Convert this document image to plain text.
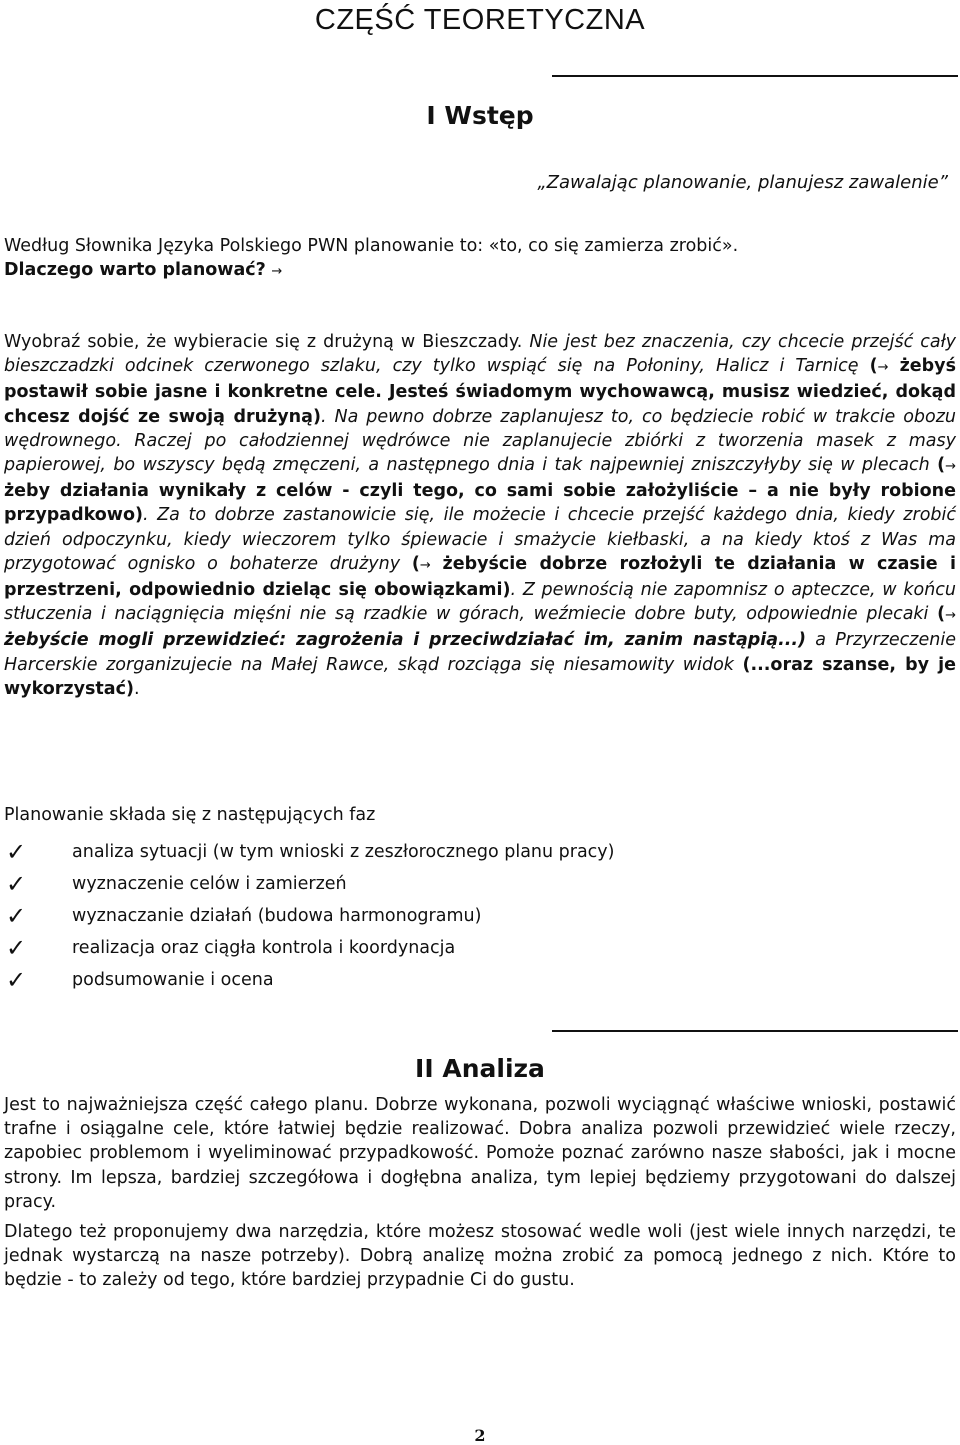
CZĘŚĆ TEORETYCZNA
I Wstęp
„Zawalając planowanie, planujesz zawalenie”

Według Słownika Języka Polskiego PWN planowanie to: «to, co się zamierza zrobić».

Dlaczego warto planować? →

Wyobraź sobie, że wybieracie się z drużyną w Bieszczady. Nie jest bez znaczenia, czy chcecie przejść cały bieszczadzki odcinek czerwonego szlaku, czy tylko wspiąć się na Połoniny, Halicz i Tarnicę (→ żebyś postawił sobie jasne i konkretne cele. Jesteś świadomym wychowawcą, musisz wiedzieć, dokąd chcesz dojść ze swoją drużyną). Na pewno dobrze zaplanujesz to, co będziecie robić w trakcie obozu wędrownego. Raczej po całodziennej wędrówce nie zaplanujecie zbiórki z tworzenia masek z masy papierowej, bo wszyscy będą zmęczeni, a następnego dnia i tak najpewniej zniszczyłyby się w plecach (→ żeby działania wynikały z celów - czyli tego, co sami sobie założyliście – a nie były robione przypadkowo). Za to dobrze zastanowicie się, ile możecie i chcecie przejść każdego dnia, kiedy zrobić dzień odpoczynku, kiedy wieczorem tylko śpiewacie i smażycie kiełbaski, a na kiedy ktoś z Was ma przygotować ognisko o bohaterze drużyny (→ żebyście dobrze rozłożyli te działania w czasie i przestrzeni, odpowiednio dzieląc się obowiązkami). Z pewnością nie zapomnisz o apteczce, w końcu stłuczenia i naciągnięcia mięśni nie są rzadkie w górach, weźmiecie dobre buty, odpowiednie plecaki (→ żebyście mogli przewidzieć: zagrożenia i przeciwdziałać im, zanim nastąpią...) a Przyrzeczenie Harcerskie zorganizujecie na Małej Rawce, skąd rozciąga się niesamowity widok (...oraz szanse, by je wykorzystać).
Planowanie składa się z następujących faz
✓	analiza sytuacji (w tym wnioski z zeszłorocznego planu pracy)
✓	wyznaczenie celów i zamierzeń
✓	wyznaczanie działań (budowa harmonogramu)
✓	realizacja oraz ciągła kontrola i koordynacja
✓	podsumowanie i ocena
II Analiza

Jest to najważniejsza część całego planu. Dobrze wykonana, pozwoli wyciągnąć właściwe wnioski, postawić trafne i osiągalne cele, które łatwiej będzie realizować. Dobra analiza pozwoli przewidzieć wiele rzeczy, zapobiec problemom i wyeliminować przypadkowość. Pomoże poznać zarówno nasze słabości, jak i mocne strony. Im lepsza, bardziej szczegółowa i dogłębna analiza, tym lepiej będziemy przygotowani do dalszej pracy.

Dlatego też proponujemy dwa narzędzia, które możesz stosować wedle woli (jest wiele innych narzędzi, te jednak wystarczą na nasze potrzeby). Dobrą analizę można zrobić za pomocą jednego z nich. Które to będzie - to zależy od tego, które bardziej przypadnie Ci do gustu.

2
